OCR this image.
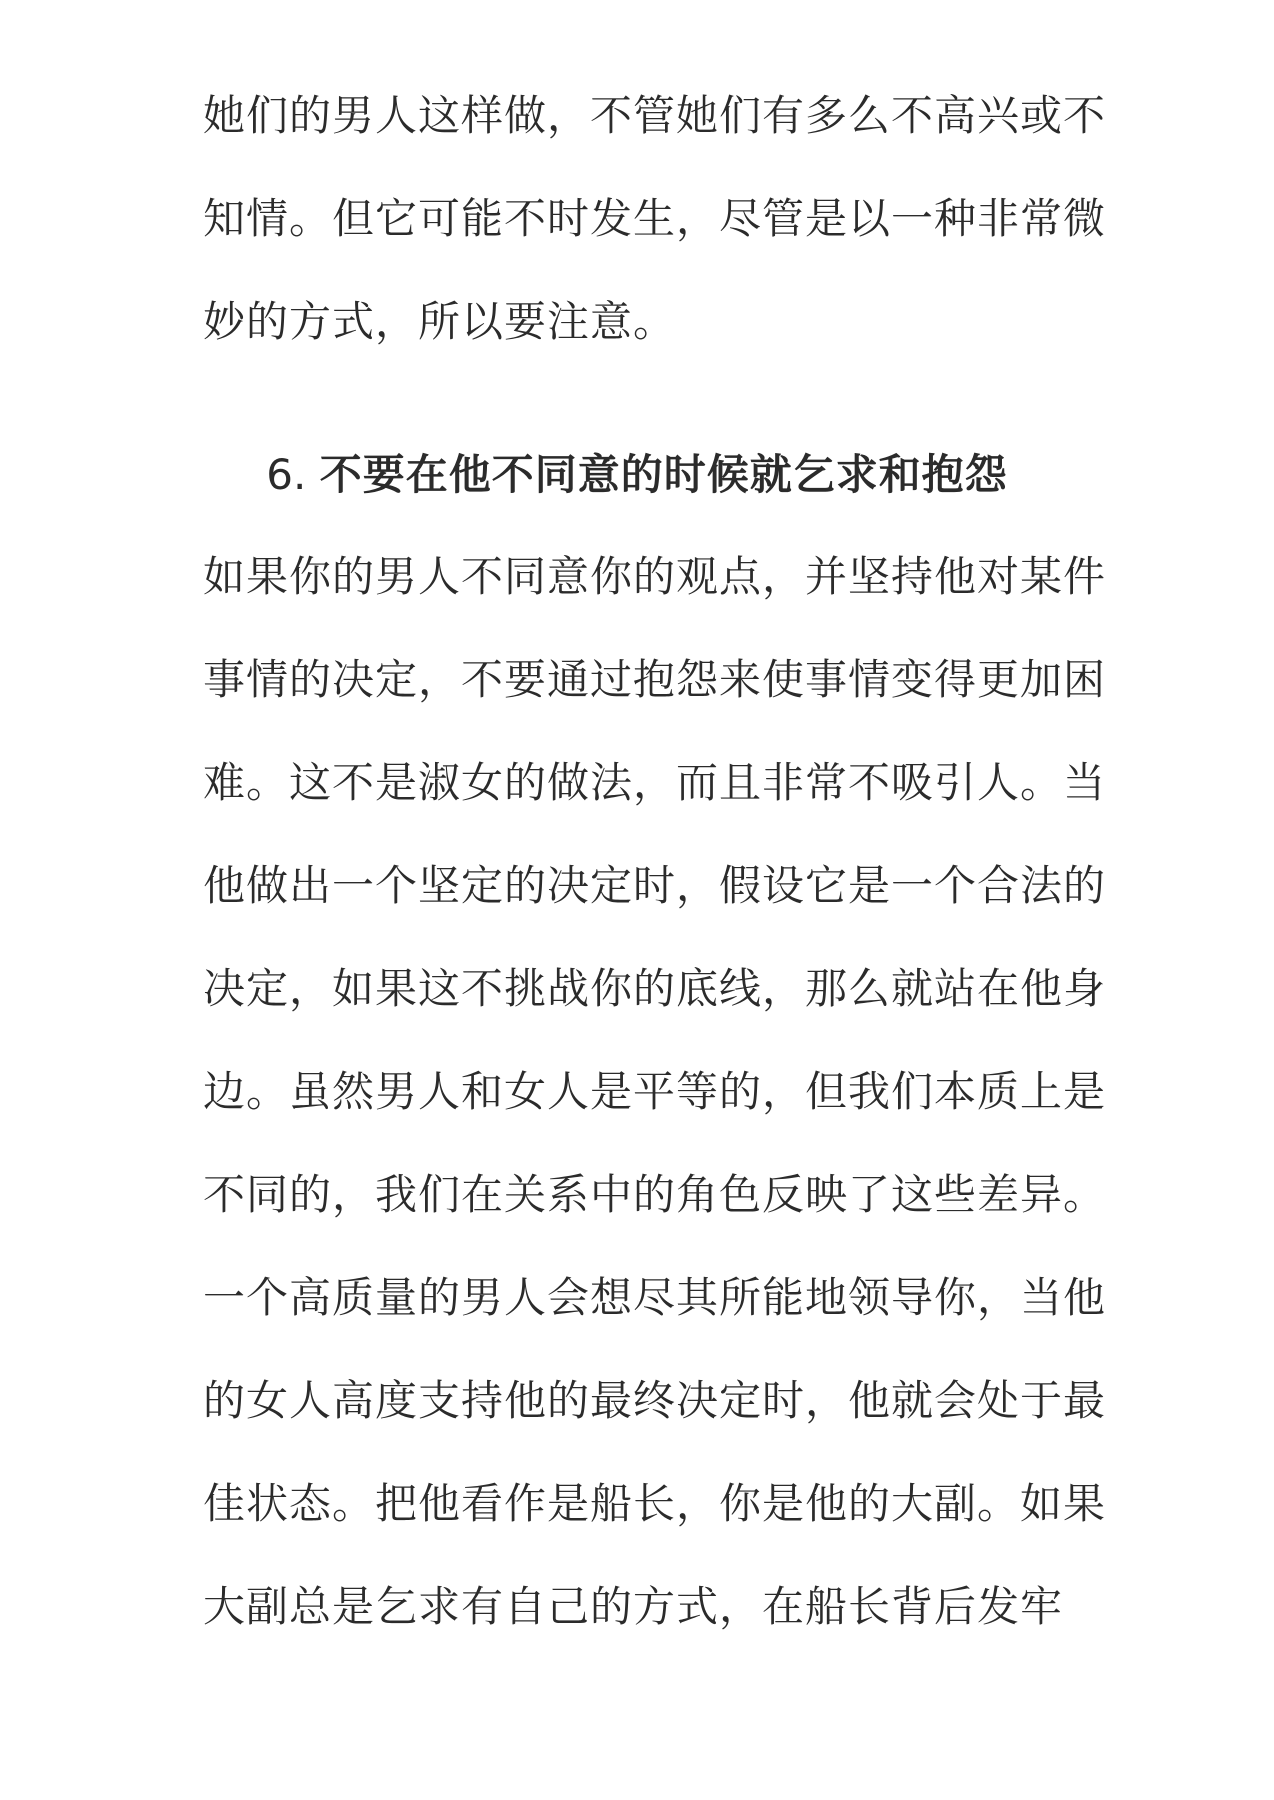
她们的男人这样做，不管她们有多么不高兴或不
知情。但它可能不时发生，尽管是以一种非常微
妙的方式，所以要注意。
6. 不要在他不同意的时候就乞求和抱怨
如果你的男人不同意你的观点，并坚持他对某件
事情的决定，不要通过抱怨来使事情变得更加困
难。这不是淑女的做法，而且非常不吸引人。当
他做出一个坚定的决定时，假设它是一个合法的
决定，如果这不挑战你的底线，那么就站在他身
边。虽然男人和女人是平等的，但我们本质上是
不同的，我们在关系中的角色反映了这些差异。
一个高质量的男人会想尽其所能地领导你，当他
的女人高度支持他的最终决定时，他就会处于最
佳状态。把他看作是船长，你是他的大副。如果
大副总是乞求有自己的方式，在船长背后发牢
